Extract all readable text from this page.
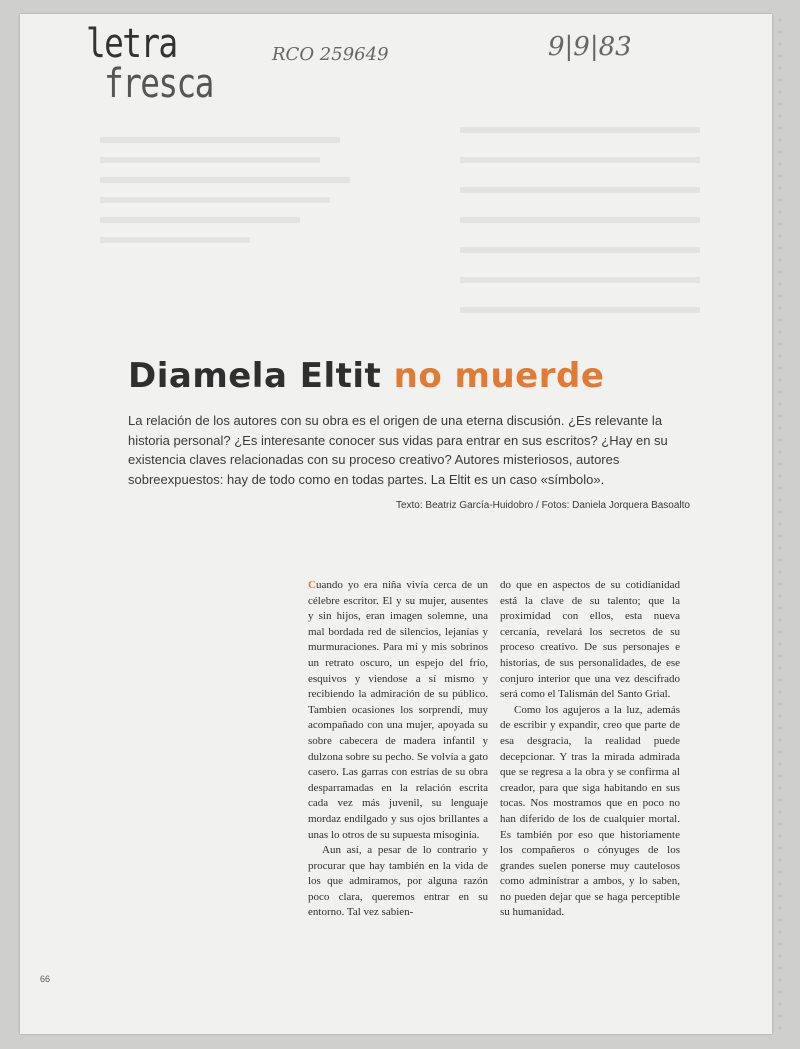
letra
fresca
RCO 259649	9|9|83
Diamela Eltit no muerde
La relación de los autores con su obra es el origen de una eterna discusión. ¿Es relevante la historia personal? ¿Es interesante conocer sus vidas para entrar en sus escritos? ¿Hay en su existencia claves relacionadas con su proceso creativo? Autores misteriosos, autores sobreexpuestos: hay de todo como en todas partes. La Eltit es un caso «símbolo».
Texto: Beatriz García-Huidobro / Fotos: Daniela Jorquera Basoalto

Cuando yo era niña vivía cerca de un célebre escritor. El y su mujer, ausentes y sin hijos, eran imagen solemne, una mal bordada red de silencios, lejanías y murmuraciones. Para mí y mis sobrinos un retrato oscuro, un espejo del frío, esquivos y viendose a sí mismo y recibiendo la admiración de su público. Tambien ocasiones los sorprendí, muy acompañado con una mujer, apoyada su sobre cabecera de madera infantil y dulzona sobre su pecho. Se volvía a gato casero. Las garras con estrías de su obra desparramadas en la relación escrita cada vez más juvenil, su lenguaje mordaz endilgado y sus ojos brillantes a unas lo otros de su supuesta misoginia.

Aun así, a pesar de lo contrario y procurar que hay también en la vida de los que admiramos, por alguna razón poco clara, queremos entrar en su entorno. Tal vez sabien-

do que en aspectos de su cotidianidad está la clave de su talento; que la proximidad con ellos, esta nueva cercanía, revelará los secretos de su proceso creativo. De sus personajes e historias, de sus personalidades, de ese conjuro interior que una vez descifrado será como el Talismán del Santo Grial.

Como los agujeros a la luz, además de escribir y expandir, creo que parte de esa desgracia, la realidad puede decepcionar. Y tras la mirada admirada que se regresa a la obra y se confirma al creador, para que siga habitando en sus tocas. Nos mostramos que en poco no han diferido de los de cualquier mortal. Es también por eso que historiamente los compañeros o cónyuges de los grandes suelen ponerse muy cautelosos como administrar a ambos, y lo saben, no pueden dejar que se haga perceptible su humanidad.

66
